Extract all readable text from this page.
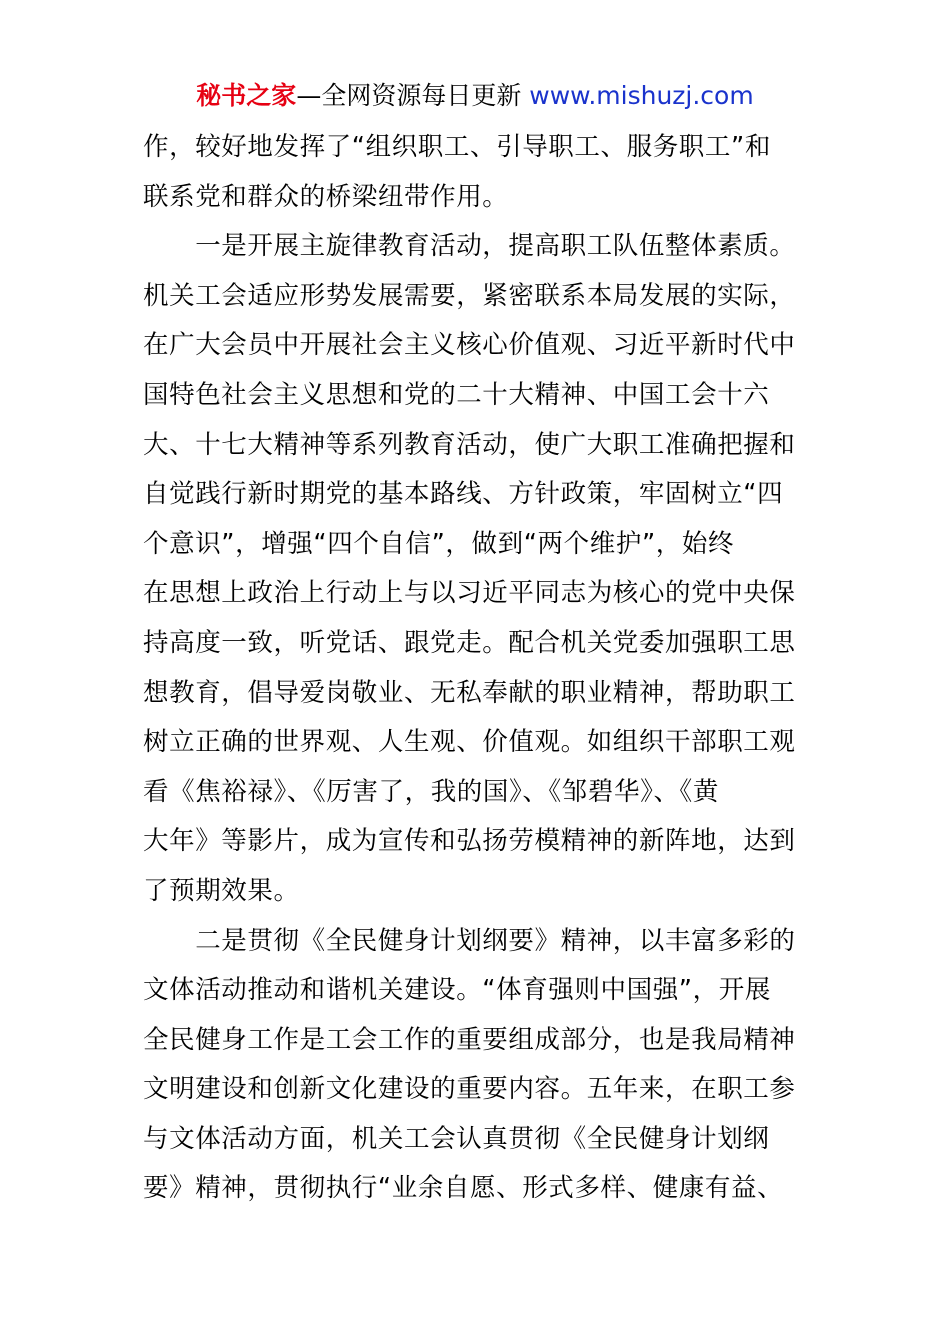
秘书之家—全网资源每日更新 www.mishuzj.com
作，较好地发挥了“组织职工、引导职工、服务职工”和
联系党和群众的桥梁纽带作用。
　　一是开展主旋律教育活动，提高职工队伍整体素质。
机关工会适应形势发展需要，紧密联系本局发展的实际，
在广大会员中开展社会主义核心价值观、习近平新时代中
国特色社会主义思想和党的二十大精神、中国工会十六
大、十七大精神等系列教育活动，使广大职工准确把握和
自觉践行新时期党的基本路线、方针政策，牢固树立“四
个意识”，增强“四个自信”，做到“两个维护”，始终
在思想上政治上行动上与以习近平同志为核心的党中央保
持高度一致，听党话、跟党走。配合机关党委加强职工思
想教育，倡导爱岗敬业、无私奉献的职业精神，帮助职工
树立正确的世界观、人生观、价值观。如组织干部职工观
看《焦裕禄》、《厉害了，我的国》、《邹碧华》、《黄
大年》等影片，成为宣传和弘扬劳模精神的新阵地，达到
了预期效果。
　　二是贯彻《全民健身计划纲要》精神，以丰富多彩的
文体活动推动和谐机关建设。“体育强则中国强”，开展
全民健身工作是工会工作的重要组成部分，也是我局精神
文明建设和创新文化建设的重要内容。五年来，在职工参
与文体活动方面，机关工会认真贯彻《全民健身计划纲
要》精神，贯彻执行“业余自愿、形式多样、健康有益、
